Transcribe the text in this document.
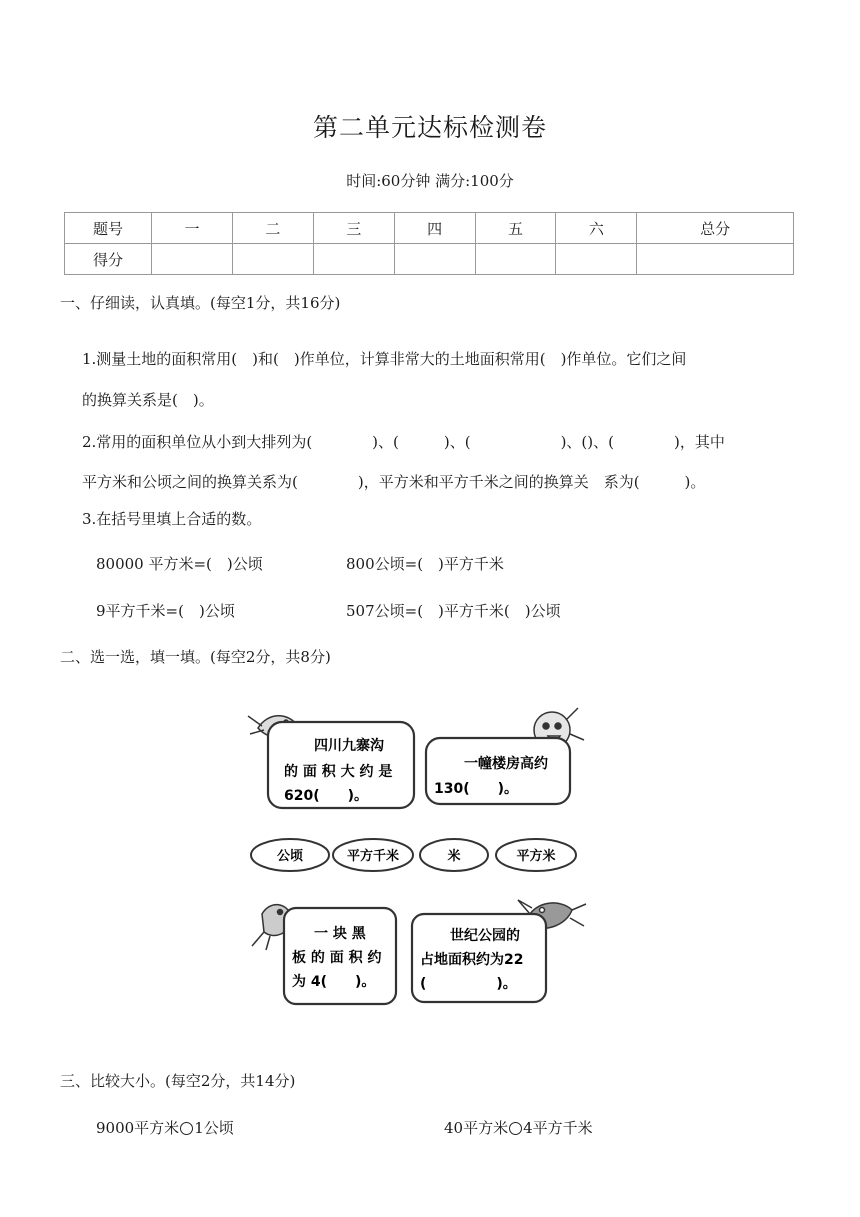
第二单元达标检测卷
时间:60分钟 满分:100分
题号	一	二	三	四	五	六	总分
得分							
一、仔细读，认真填。(每空1分，共16分)
1.测量土地的面积常用(　)和(　)作单位，计算非常大的土地面积常用(　)作单位。它们之间
的换算关系是(　)。
2.常用的面积单位从小到大排列为(　　　　)、(　　　)、(　　　　　　)、()、(　　　　)，其中
平方米和公顷之间的换算关系为(　　　　)，平方米和平方千米之间的换算关　系为(　　　)。
3.在括号里填上合适的数。
80000 平方米=(　)公顷	800公顷=(　)平方千米
9平方千米=(　)公顷	507公顷=(　)平方千米(　)公顷
二、选一选，填一填。(每空2分，共8分)
四川九寨沟
的 面 积 大 约 是
620(　　)。
一幢楼房高约
130(　　)。
公顷	平方千米	米	平方米
一 块 黑
板 的 面 积 约
为 4(　　)。
世纪公园的
占地面积约为22
(　　　　　)。
三、比较大小。(每空2分，共14分)
9000平方米 1公顷	40平方米 4平方千米
